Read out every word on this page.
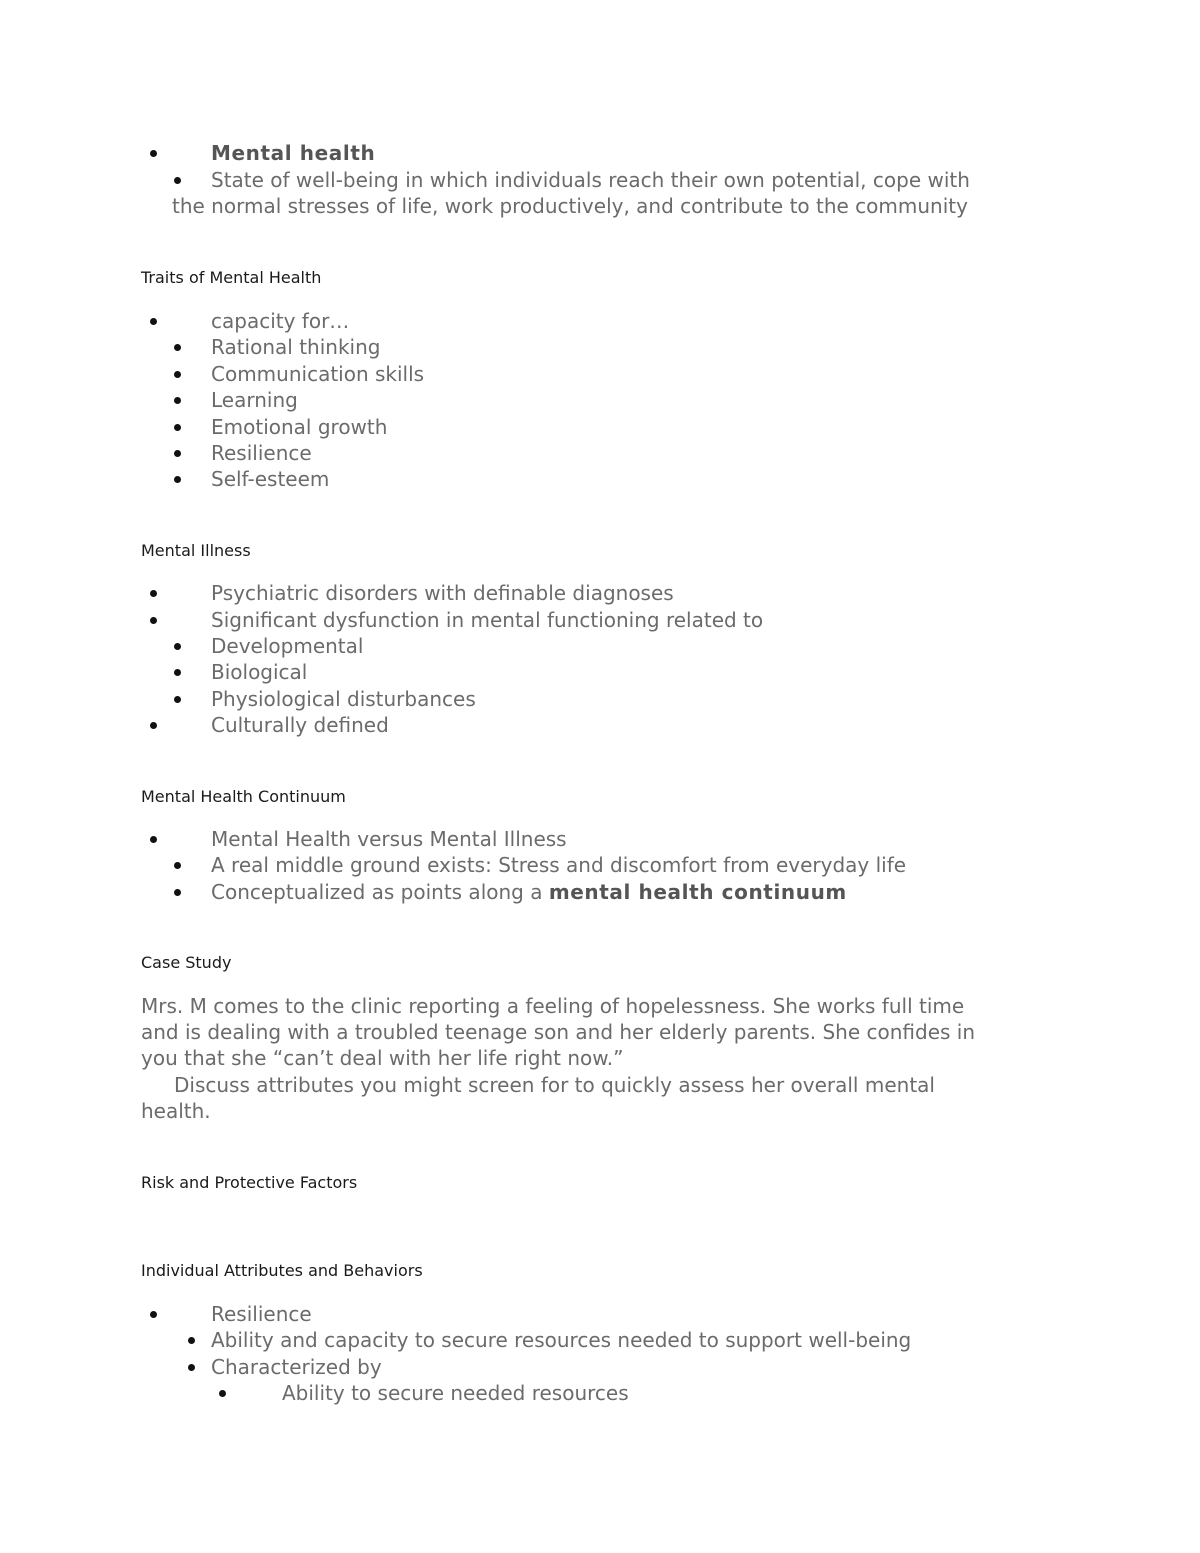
Mental health
State of well-being in which individuals reach their own potential, cope with
the normal stresses of life, work productively, and contribute to the community
Traits of Mental Health
capacity for…
Rational thinking
Communication skills
Learning
Emotional growth
Resilience
Self-esteem
Mental Illness
Psychiatric disorders with definable diagnoses
Significant dysfunction in mental functioning related to
Developmental
Biological
Physiological disturbances
Culturally defined
Mental Health Continuum
Mental Health versus Mental Illness
A real middle ground exists: Stress and discomfort from everyday life
Conceptualized as points along a mental health continuum
Case Study
Mrs. M comes to the clinic reporting a feeling of hopelessness. She works full time
and is dealing with a troubled teenage son and her elderly parents. She confides in
you that she “can’t deal with her life right now.”
Discuss attributes you might screen for to quickly assess her overall mental
health.
Risk and Protective Factors
Individual Attributes and Behaviors
Resilience
Ability and capacity to secure resources needed to support well-being
Characterized by
Ability to secure needed resources
